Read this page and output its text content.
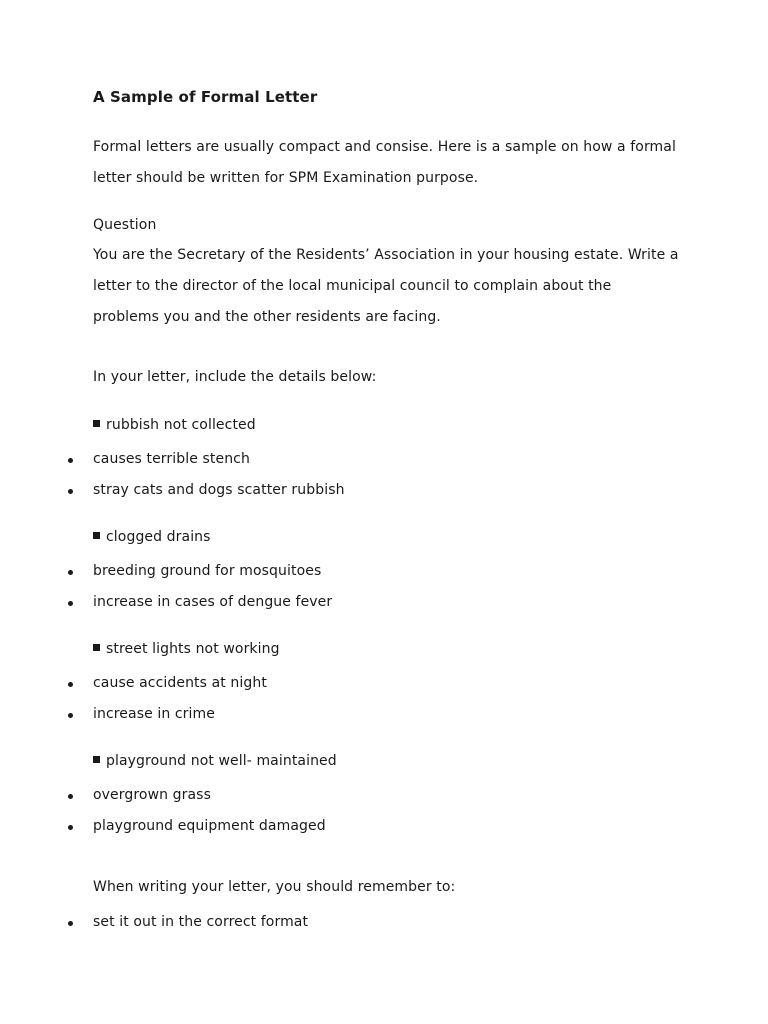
A Sample of Formal Letter
Formal letters are usually compact and consise. Here is a sample on how a formal
letter should be written for SPM Examination purpose.
Question
You are the Secretary of the Residents’ Association in your housing estate. Write a
letter to the director of the local municipal council to complain about the
problems you and the other residents are facing.
In your letter, include the details below:
rubbish not collected
causes terrible stench
stray cats and dogs scatter rubbish
clogged drains
breeding ground for mosquitoes
increase in cases of dengue fever
street lights not working
cause accidents at night
increase in crime
playground not well- maintained
overgrown grass
playground equipment damaged
When writing your letter, you should remember to:
set it out in the correct format
